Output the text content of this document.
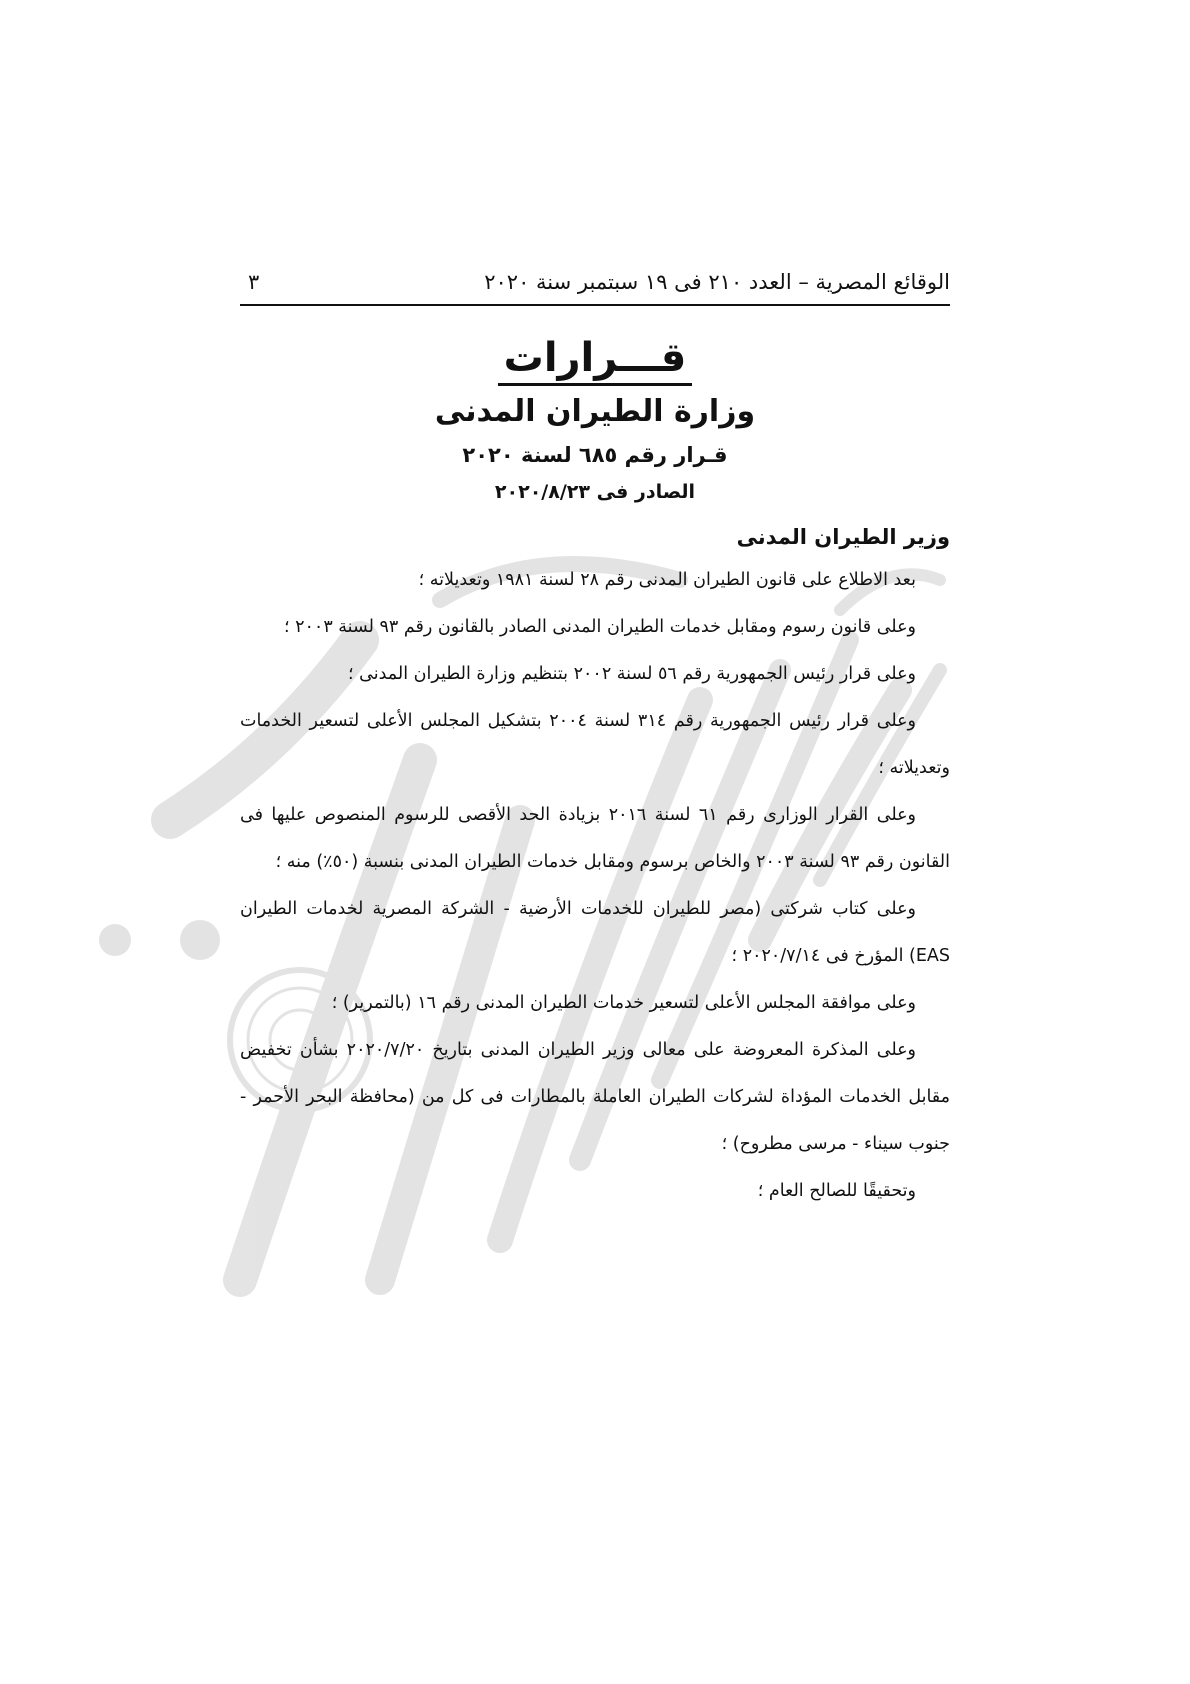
الوقائع المصرية – العدد ٢١٠ فى ١٩ سبتمبر سنة ٢٠٢٠
٣
قـــرارات
وزارة الطيران المدنى
قـرار رقم ٦٨٥ لسنة ٢٠٢٠
الصادر فى ٢٠٢٠/٨/٢٣
وزير الطيران المدنى

بعد الاطلاع على قانون الطيران المدنى رقم ٢٨ لسنة ١٩٨١ وتعديلاته ؛

وعلى قانون رسوم ومقابل خدمات الطيران المدنى الصادر بالقانون رقم ٩٣ لسنة ٢٠٠٣ ؛

وعلى قرار رئيس الجمهورية رقم ٥٦ لسنة ٢٠٠٢ بتنظيم وزارة الطيران المدنى ؛

وعلى قرار رئيس الجمهورية رقم ٣١٤ لسنة ٢٠٠٤ بتشكيل المجلس الأعلى لتسعير الخدمات وتعديلاته ؛

وعلى القرار الوزارى رقم ٦١ لسنة ٢٠١٦ بزيادة الحد الأقصى للرسوم المنصوص عليها فى القانون رقم ٩٣ لسنة ٢٠٠٣ والخاص برسوم ومقابل خدمات الطيران المدنى بنسبة (٥٠٪) منه ؛

وعلى كتاب شركتى (مصر للطيران للخدمات الأرضية - الشركة المصرية لخدمات الطيران EAS) المؤرخ فى ٢٠٢٠/٧/١٤ ؛

وعلى موافقة المجلس الأعلى لتسعير خدمات الطيران المدنى رقم ١٦ (بالتمرير) ؛

وعلى المذكرة المعروضة على معالى وزير الطيران المدنى بتاريخ ٢٠٢٠/٧/٢٠ بشأن تخفيض مقابل الخدمات المؤداة لشركات الطيران العاملة بالمطارات فى كل من (محافظة البحر الأحمر - جنوب سيناء - مرسى مطروح) ؛

وتحقيقًا للصالح العام ؛
